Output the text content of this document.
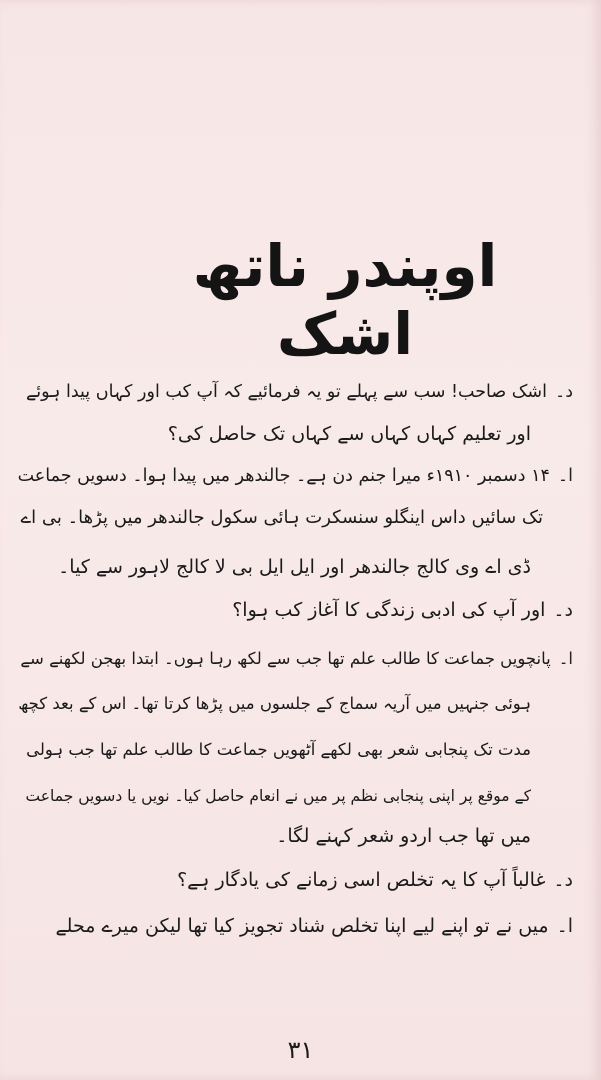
اوپندر ناتھ اشک
د۔اشک صاحب! سب سے پہلے تو یہ فرمائیے کہ آپ کب اور کہاں پیدا ہوئے
اور تعلیم کہاں کہاں سے کہاں تک حاصل کی؟
ا۔۱۴ دسمبر ۱۹۱۰ء میرا جنم دن ہے۔ جالندھر میں پیدا ہوا۔ دسویں جماعت
تک سائیں داس اینگلو سنسکرت ہائی سکول جالندھر میں پڑھا۔ بی اے
ڈی اے وی کالج جالندھر اور ایل ایل بی لا کالج لاہور سے کیا۔
د۔اور آپ کی ادبی زندگی کا آغاز کب ہوا؟
ا۔پانچویں جماعت کا طالب علم تھا جب سے لکھ رہا ہوں۔ ابتدا بھجن لکھنے سے
ہوئی جنہیں میں آریہ سماج کے جلسوں میں پڑھا کرتا تھا۔ اس کے بعد کچھ
مدت تک پنجابی شعر بھی لکھے آٹھویں جماعت کا طالب علم تھا جب ہولی
کے موقع پر اپنی پنجابی نظم پر میں نے انعام حاصل کیا۔ نویں یا دسویں جماعت
میں تھا جب اردو شعر کہنے لگا۔
د۔غالباً آپ کا یہ تخلص اسی زمانے کی یادگار ہے؟
ا۔میں نے تو اپنے لیے اپنا تخلص شناد تجویز کیا تھا لیکن میرے محلے
۳۱
